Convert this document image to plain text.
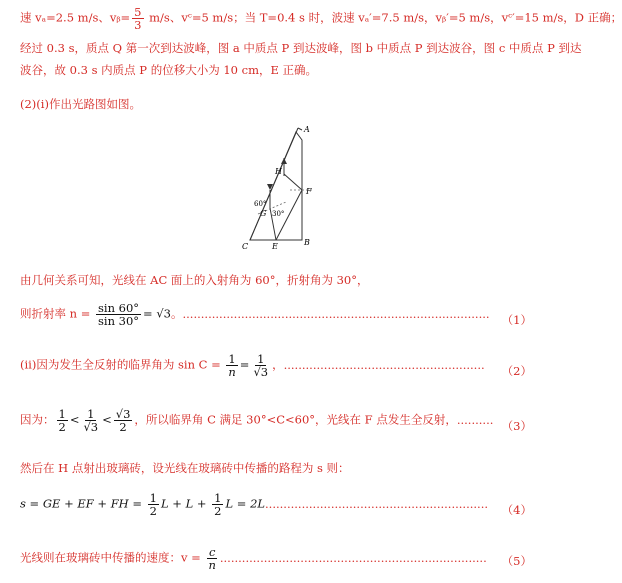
速 vₐ=2.5 m/s、vᵦ= $\frac{5}{3} m/s$、vᶜ=5 m/s；当 T=0.4 s 时，波速 vₐ′=7.5 m/s，vᵦ′=5 m/s，vᶜ′=15 m/s，D 正确；
经过 0.3 s，质点 Q 第一次到达波峰，图 a 中质点 P 到达波峰，图 b 中质点 P 到达波谷，图 c 中质点 P 到达
波谷，故 0.3 s 内质点 P 的位移大小为 10 cm，E 正确。
(2)(ⅰ)作出光路图如图。
A
B
C	E
F
G
H
60°
30°
由几何关系可知，光线在 AC 面上的入射角为 60°，折射角为 30°，
则折射率 $n = \frac{\sin 60^\circ}{\sin 30^\circ} = √3$。.................................................................................... （1）
(ⅱ)因为发生全反射的临界角为 $\sin C = \frac{1}{n} = \frac{1}{√3}$ ，....................................................... （2）
因为： $\frac{1}{2} < \frac{1}{√3} < \frac{√3}{2}$ ，所以临界角 C 满足 30°<C<60°，光线在 F 点发生全反射，.......... （3）
然后在 H 点射出玻璃砖，设光线在玻璃砖中传播的路程为 s 则：
s = GE + EF + FH = $\frac{1}{2}$ $L + L + \frac{1}{2}$ L = 2L............................................................. （4）
光线则在玻璃砖中传播的速度：$v = \frac{c}{n}$ ......................................................................... （5）
